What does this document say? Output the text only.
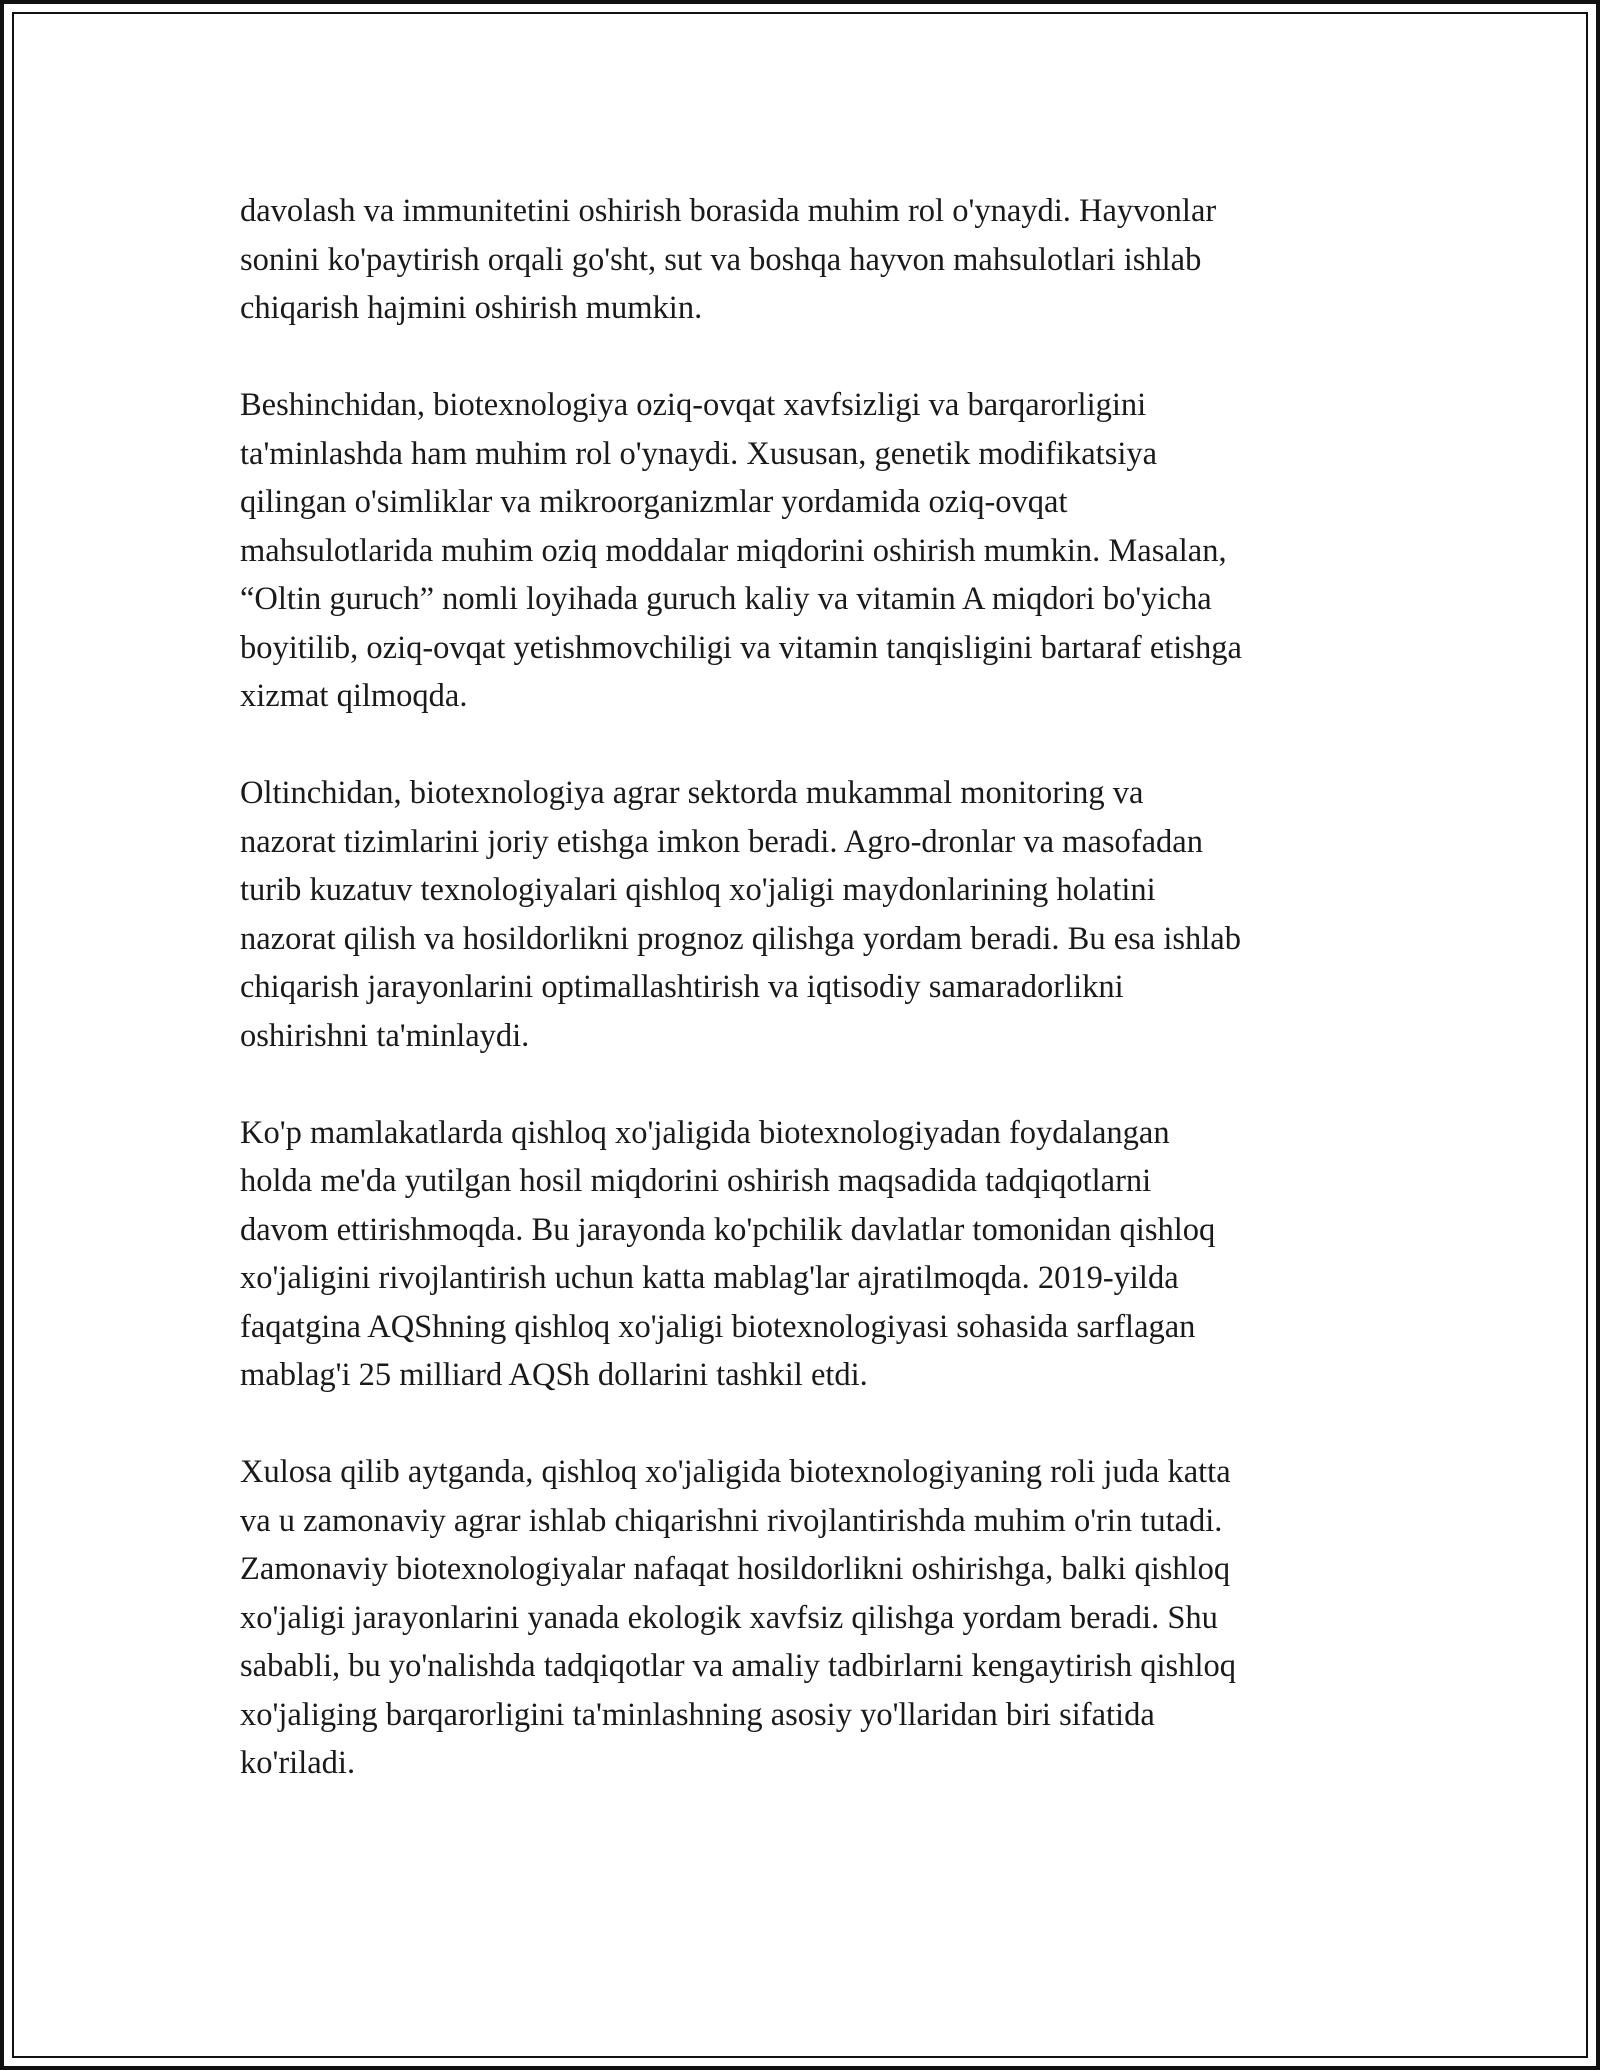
davolash va immunitetini oshirish borasida muhim rol o'ynaydi. Hayvonlar
sonini ko'paytirish orqali go'sht, sut va boshqa hayvon mahsulotlari ishlab
chiqarish hajmini oshirish mumkin.

Beshinchidan, biotexnologiya oziq-ovqat xavfsizligi va barqarorligini
ta'minlashda ham muhim rol o'ynaydi. Xususan, genetik modifikatsiya
qilingan o'simliklar va mikroorganizmlar yordamida oziq-ovqat
mahsulotlarida muhim oziq moddalar miqdorini oshirish mumkin. Masalan,
“Oltin guruch” nomli loyihada guruch kaliy va vitamin A miqdori bo'yicha
boyitilib, oziq-ovqat yetishmovchiligi va vitamin tanqisligini bartaraf etishga
xizmat qilmoqda.

Oltinchidan, biotexnologiya agrar sektorda mukammal monitoring va
nazorat tizimlarini joriy etishga imkon beradi. Agro-dronlar va masofadan
turib kuzatuv texnologiyalari qishloq xo'jaligi maydonlarining holatini
nazorat qilish va hosildorlikni prognoz qilishga yordam beradi. Bu esa ishlab
chiqarish jarayonlarini optimallashtirish va iqtisodiy samaradorlikni
oshirishni ta'minlaydi.

Ko'p mamlakatlarda qishloq xo'jaligida biotexnologiyadan foydalangan
holda me'da yutilgan hosil miqdorini oshirish maqsadida tadqiqotlarni
davom ettirishmoqda. Bu jarayonda ko'pchilik davlatlar tomonidan qishloq
xo'jaligini rivojlantirish uchun katta mablag'lar ajratilmoqda. 2019-yilda
faqatgina AQShning qishloq xo'jaligi biotexnologiyasi sohasida sarflagan
mablag'i 25 milliard AQSh dollarini tashkil etdi.

Xulosa qilib aytganda, qishloq xo'jaligida biotexnologiyaning roli juda katta
va u zamonaviy agrar ishlab chiqarishni rivojlantirishda muhim o'rin tutadi.
Zamonaviy biotexnologiyalar nafaqat hosildorlikni oshirishga, balki qishloq
xo'jaligi jarayonlarini yanada ekologik xavfsiz qilishga yordam beradi. Shu
sababli, bu yo'nalishda tadqiqotlar va amaliy tadbirlarni kengaytirish qishloq
xo'jaliging barqarorligini ta'minlashning asosiy yo'llaridan biri sifatida
ko'riladi.
